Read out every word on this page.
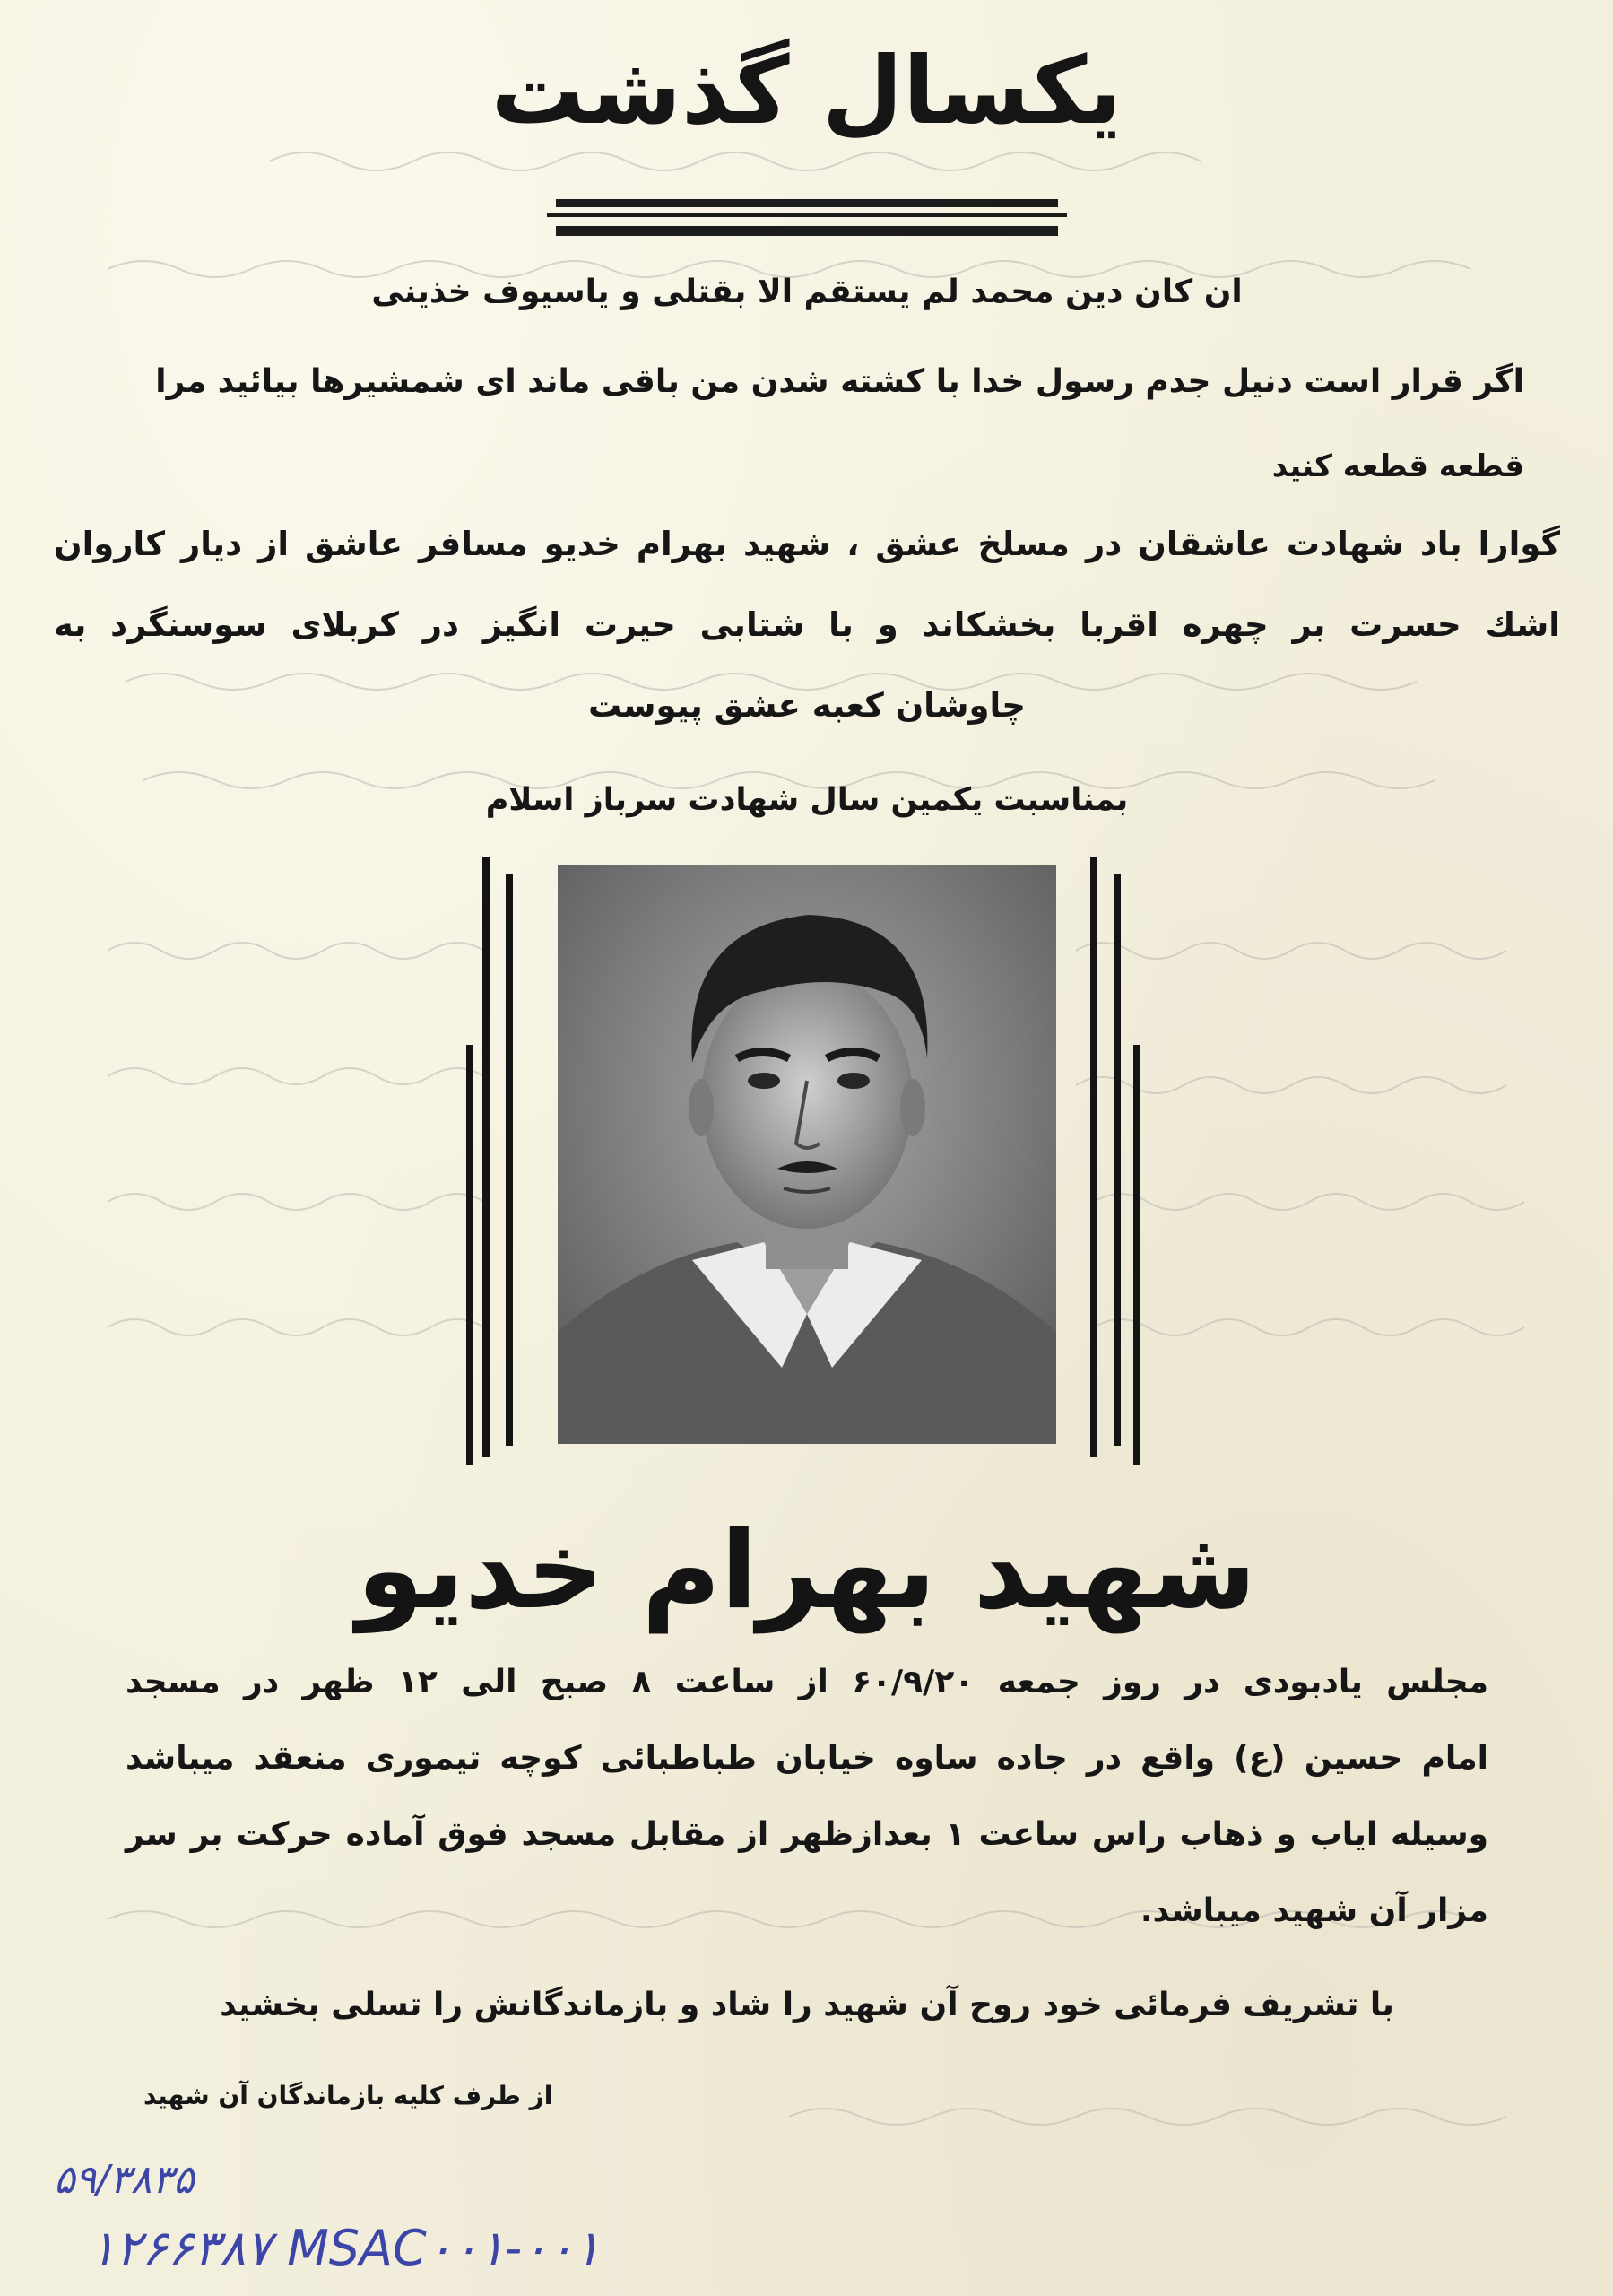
یکسال گذشت
ان کان دین محمد لم یستقم الا بقتلی و یاسیوف خذینی
اگر قرار است دنیل جدم رسول خدا با کشته شدن من باقی ماند ای شمشیرها بیائید مرا
قطعه قطعه کنید
گوارا باد شهادت عاشقان در مسلخ عشق ، شهید بهرام خدیو مسافر عاشق از دیار کاروان
اشك حسرت بر چهره اقربا بخشکاند و با شتابی حیرت انگیز در کربلای سوسنگرد به
چاوشان کعبه عشق پیوست
بمناسبت یکمین سال شهادت سرباز اسلام
شهید بهرام خدیو
مجلس یادبودی در روز جمعه ۶۰/۹/۲۰ از ساعت ۸ صبح الی ۱۲ ظهر در مسجد
امام حسین (ع) واقع در جاده ساوه خیابان طباطبائی کوچه تیموری منعقد میباشد
وسیله ایاب و ذهاب راس ساعت ۱ بعدازظهر از مقابل مسجد فوق آماده حرکت بر سر
مزار آن شهید میباشد.
با تشریف فرمائی خود روح آن شهید را شاد و بازماندگانش را تسلی بخشید
از طرف کلیه بازماندگان آن شهید
۵۹/۳۸۳۵
۱۲۶۶۳۸۷ MSAC۰۰۱-۰۰۱
